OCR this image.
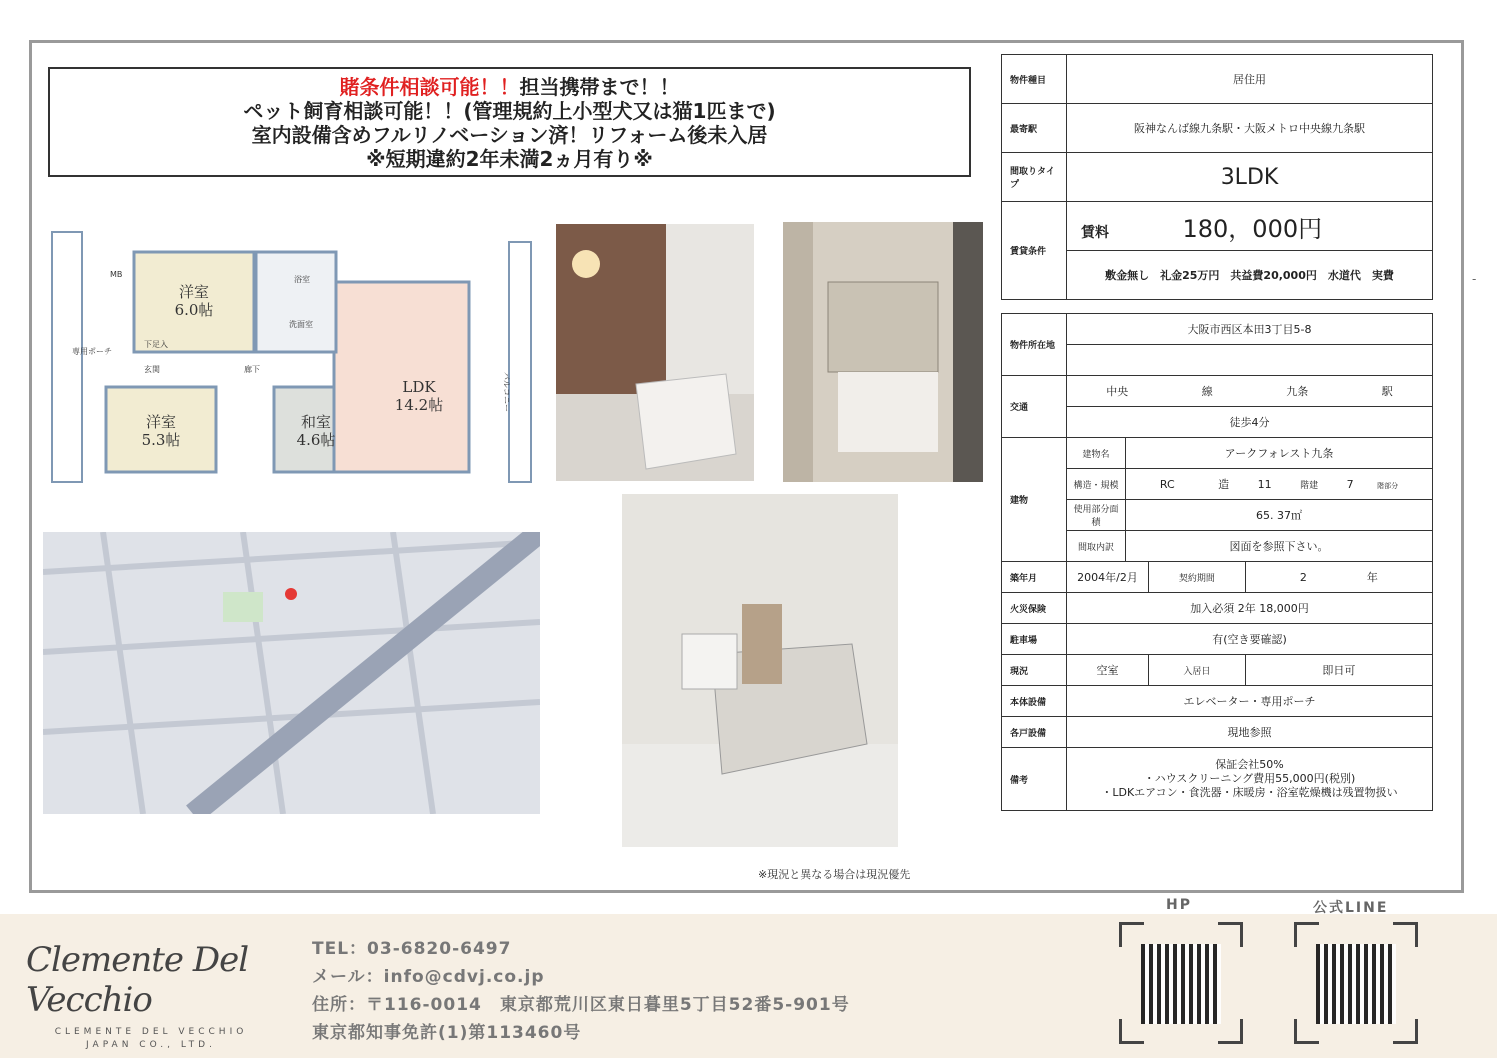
賭条件相談可能！！担当携帯まで！！
ペット飼育相談可能！！(管理規約上小型犬又は猫1匹まで)
室内設備含めフルリノベーション済！リフォーム後未入居
※短期違約2年未満2ヵ月有り※
洋室
6.0帖
洋室
5.3帖
和室
4.6帖
LDK
14.2帖
専用ポーチ
MB
玄関	廊下
下足入
浴室
洗面室
バルコニー
物件種目	居住用
最寄駅	阪神なんば線九条駅・大阪メトロ中央線九条駅
間取りタイプ	3LDK
賃貸条件	賃料 180，000円
	敷金無し　礼金25万円　共益費20,000円　水道代　実費
物件所在地	大阪市西区本田3丁目5-8			

交通	中央 線 九条 駅			
	徒歩4分			
建物	建物名	アークフォレスト九条		
	構造・規模	RC 造 11 階建 7 階部分		
	使用部分面積	65. 37㎡		
	間取内訳	図面を参照下さい。		
築年月	2004年/2月		契約期間	2 年
火災保険	加入必須 2年 18,000円			
駐車場	有(空き要確認)			
現況	空室		入居日	即日可
本体設備	エレベーター・専用ポーチ			
各戸設備	現地参照			
備考	保証会社50%
・ハウスクリーニング費用55,000円(税別)
・LDKエアコン・食洗器・床暖房・浴室乾燥機は残置物扱い			
※現況と異なる場合は現況優先
-
Clemente Del Vecchio
CLEMENTE DEL VECCHIO
JAPAN CO., LTD.
TEL：03-6820-6497
メール：info@cdvj.co.jp
住所：〒116-0014　東京都荒川区東日暮里5丁目52番5-901号
東京都知事免許(1)第113460号
HP	公式LINE
